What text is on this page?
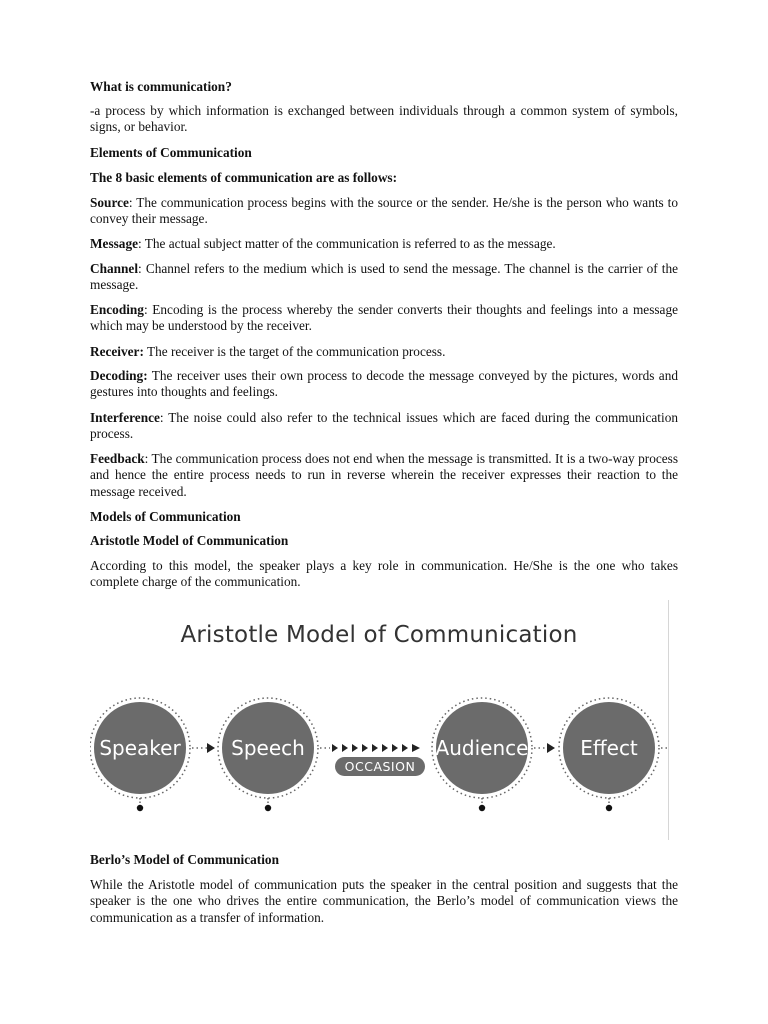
What is communication?

-a process by which information is exchanged between individuals through a common system of symbols, signs, or behavior.

Elements of Communication

The 8 basic elements of communication are as follows:

Source: The communication process begins with the source or the sender. He/she is the person who wants to convey their message.

Message: The actual subject matter of the communication is referred to as the message.

Channel: Channel refers to the medium which is used to send the message. The channel is the carrier of the message.

Encoding: Encoding is the process whereby the sender converts their thoughts and feelings into a message which may be understood by the receiver.

Receiver: The receiver is the target of the communication process.

Decoding: The receiver uses their own process to decode the message conveyed by the pictures, words and gestures into thoughts and feelings.

Interference: The noise could also refer to the technical issues which are faced during the communication process.

Feedback: The communication process does not end when the message is transmitted. It is a two-way process and hence the entire process needs to run in reverse wherein the receiver expresses their reaction to the message received.

Models of Communication

Aristotle Model of Communication

According to this model, the speaker plays a key role in communication. He/She is the one who takes complete charge of the communication.

Speaker	Speech	Audience	Effect
OCCASION
Aristotle Model of Communication

Berlo’s Model of Communication

While the Aristotle model of communication puts the speaker in the central position and suggests that the speaker is the one who drives the entire communication, the Berlo’s model of communication views the communication as a transfer of information.
